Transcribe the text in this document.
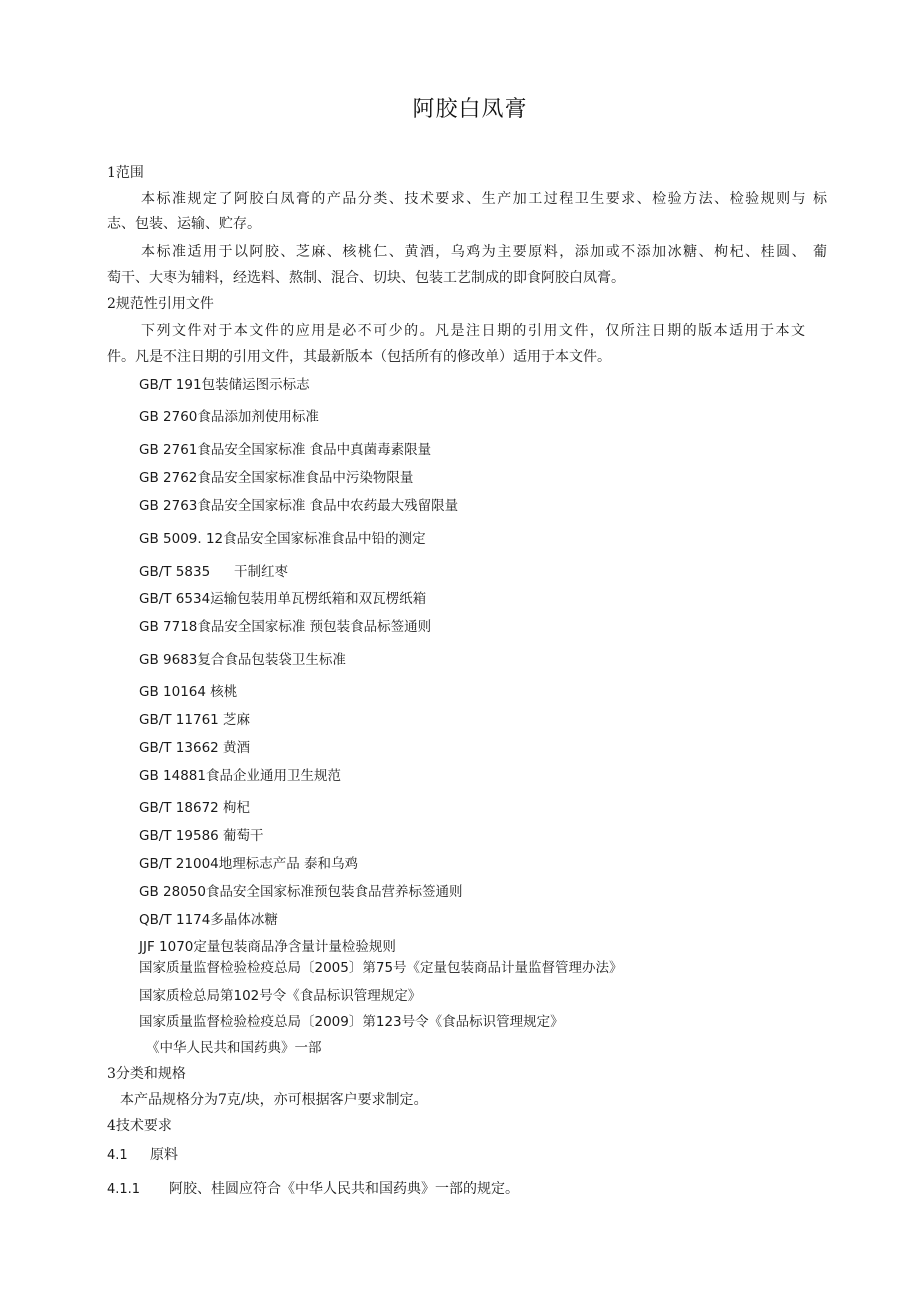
阿胶白凤膏
1范围
本标准规定了阿胶白凤膏的产品分类、技术要求、生产加工过程卫生要求、检验方法、检验规则与 标
志、包装、运输、贮存。
本标准适用于以阿胶、芝麻、核桃仁、黄酒，乌鸡为主要原料，添加或不添加冰糖、枸杞、桂圆、 葡
萄干、大枣为辅料，经选料、熬制、混合、切块、包装工艺制成的即食阿胶白凤膏。
2规范性引用文件
下列文件对于本文件的应用是必不可少的。凡是注日期的引用文件，仅所注日期的版本适用于本文
件。凡是不注日期的引用文件，其最新版本（包括所有的修改单）适用于本文件。
GB/T 191包装储运图示标志
GB 2760食品添加剂使用标准
GB 2761食品安全国家标准 食品中真菌毒素限量
GB 2762食品安全国家标准食品中污染物限量
GB 2763食品安全国家标准 食品中农药最大残留限量
GB 5009. 12食品安全国家标准食品中铅的测定
GB/T 5835 干制红枣
GB/T 6534运输包装用单瓦楞纸箱和双瓦楞纸箱
GB 7718食品安全国家标准 预包装食品标签通则
GB 9683复合食品包装袋卫生标准
GB 10164 核桃
GB/T 11761 芝麻
GB/T 13662 黄酒
GB 14881食品企业通用卫生规范
GB/T 18672 枸杞
GB/T 19586 葡萄干
GB/T 21004地理标志产品 泰和乌鸡
GB 28050食品安全国家标准预包装食品营养标签通则
QB/T 1174多晶体冰糖
JJF 1070定量包装商品净含量计量检验规则
国家质量监督检验检疫总局〔2005〕第75号《定量包装商品计量监督管理办法》
国家质检总局第102号令《食品标识管理规定》
国家质量监督检验检疫总局〔2009〕第123号令《食品标识管理规定》
《中华人民共和国药典》一部
3分类和规格
本产品规格分为7克/块，亦可根据客户要求制定。
4技术要求
4.1 原料
4.1.1 阿胶、桂圆应符合《中华人民共和国药典》一部的规定。
